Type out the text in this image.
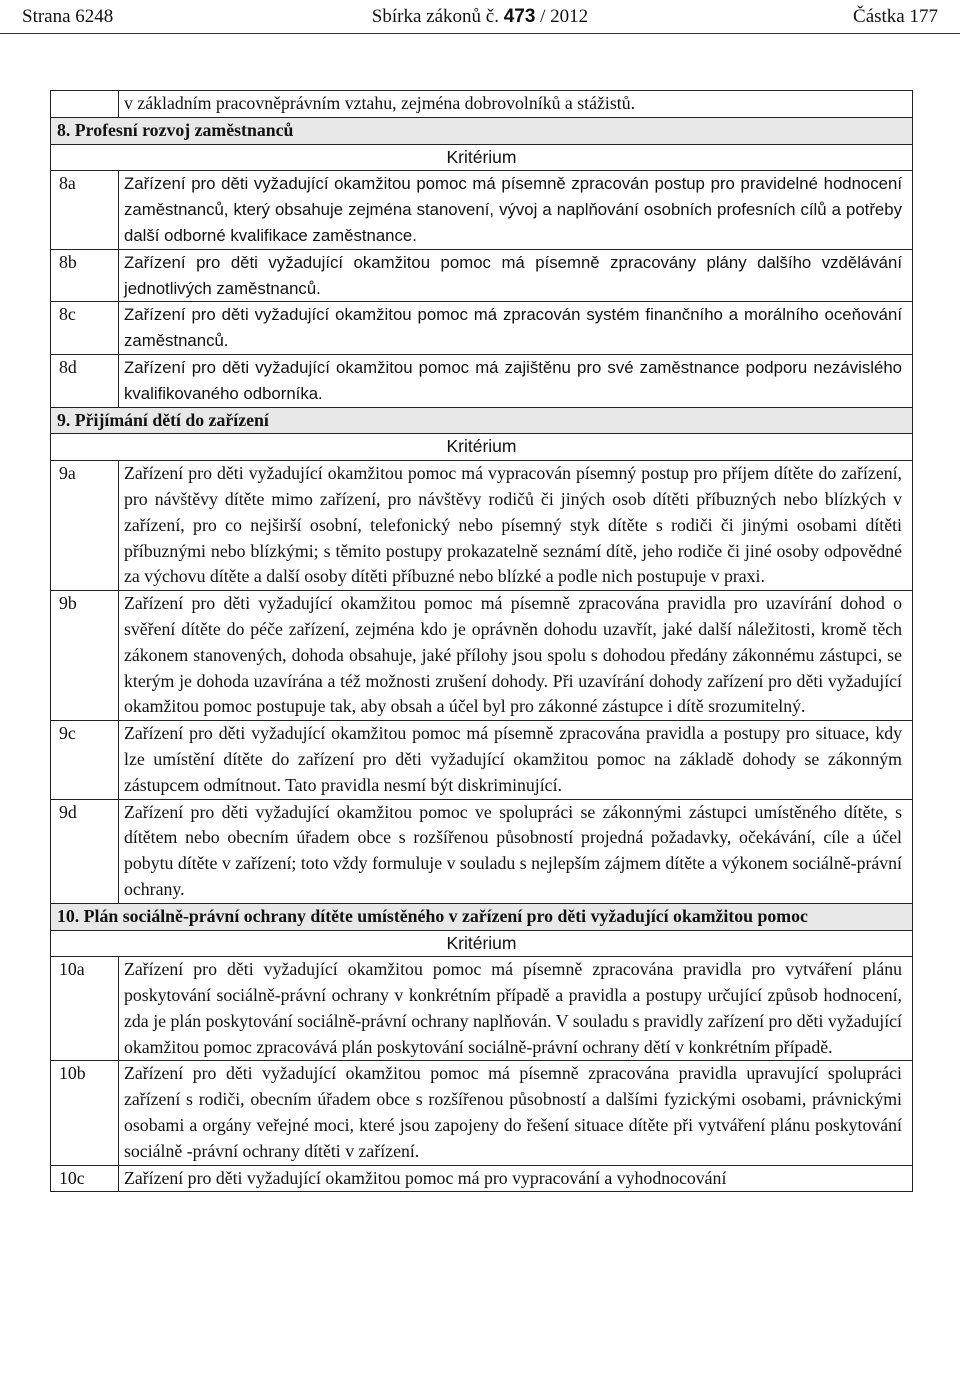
Strana 6248	Sbírka zákonů č. 473 / 2012	Částka 177
	v základním pracovněprávním vztahu, zejména dobrovolníků a stážistů.
8. Profesní rozvoj zaměstnanců	
Kritérium	
8a	Zařízení pro děti vyžadující okamžitou pomoc má písemně zpracován postup pro pravidelné hodnocení zaměstnanců, který obsahuje zejména stanovení, vývoj a naplňování osobních profesních cílů a potřeby další odborné kvalifikace zaměstnance.
8b	Zařízení pro děti vyžadující okamžitou pomoc má písemně zpracovány plány dalšího vzdělávání jednotlivých zaměstnanců.
8c	Zařízení pro děti vyžadující okamžitou pomoc má zpracován systém finančního a morálního oceňování zaměstnanců.
8d	Zařízení pro děti vyžadující okamžitou pomoc má zajištěnu pro své zaměstnance podporu nezávislého kvalifikovaného odborníka.
9. Přijímání dětí do zařízení	
Kritérium	
9a	Zařízení pro děti vyžadující okamžitou pomoc má vypracován písemný postup pro příjem dítěte do zařízení, pro návštěvy dítěte mimo zařízení, pro návštěvy rodičů či jiných osob dítěti příbuzných nebo blízkých v zařízení, pro co nejširší osobní, telefonický nebo písemný styk dítěte s rodiči či jinými osobami dítěti příbuznými nebo blízkými; s těmito postupy prokazatelně seznámí dítě, jeho rodiče či jiné osoby odpovědné za výchovu dítěte a další osoby dítěti příbuzné nebo blízké a podle nich postupuje v praxi.
9b	Zařízení pro děti vyžadující okamžitou pomoc má písemně zpracována pravidla pro uzavírání dohod o svěření dítěte do péče zařízení, zejména kdo je oprávněn dohodu uzavřít, jaké další náležitosti, kromě těch zákonem stanovených, dohoda obsahuje, jaké přílohy jsou spolu s dohodou předány zákonnému zástupci, se kterým je dohoda uzavírána a též možnosti zrušení dohody. Při uzavírání dohody zařízení pro děti vyžadující okamžitou pomoc postupuje tak, aby obsah a účel byl pro zákonné zástupce i dítě srozumitelný.
9c	Zařízení pro děti vyžadující okamžitou pomoc má písemně zpracována pravidla a postupy pro situace, kdy lze umístění dítěte do zařízení pro děti vyžadující okamžitou pomoc na základě dohody se zákonným zástupcem odmítnout. Tato pravidla nesmí být diskriminující.
9d	Zařízení pro děti vyžadující okamžitou pomoc ve spolupráci se zákonnými zástupci umístěného dítěte, s dítětem nebo obecním úřadem obce s rozšířenou působností projedná požadavky, očekávání, cíle a účel pobytu dítěte v zařízení; toto vždy formuluje v souladu s nejlepším zájmem dítěte a výkonem sociálně-právní ochrany.
10. Plán sociálně-právní ochrany dítěte umístěného v zařízení pro děti vyžadující okamžitou pomoc	
Kritérium	
10a	Zařízení pro děti vyžadující okamžitou pomoc má písemně zpracována pravidla pro vytváření plánu poskytování sociálně-právní ochrany v konkrétním případě a pravidla a postupy určující způsob hodnocení, zda je plán poskytování sociálně-právní ochrany naplňován. V souladu s pravidly zařízení pro děti vyžadující okamžitou pomoc zpracovává plán poskytování sociálně-právní ochrany dětí v konkrétním případě.
10b	Zařízení pro děti vyžadující okamžitou pomoc má písemně zpracována pravidla upravující spolupráci zařízení s rodiči, obecním úřadem obce s rozšířenou působností a dalšími fyzickými osobami, právnickými osobami a orgány veřejné moci, které jsou zapojeny do řešení situace dítěte při vytváření plánu poskytování sociálně -právní ochrany dítěti v zařízení.
10c	Zařízení pro děti vyžadující okamžitou pomoc má pro vypracování a vyhodnocování
